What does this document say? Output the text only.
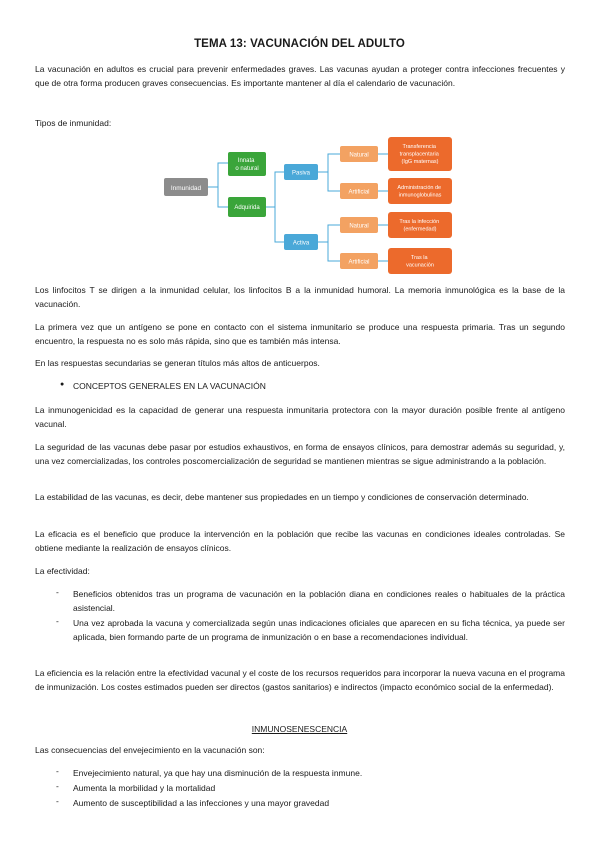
TEMA 13: VACUNACIÓN DEL ADULTO

La vacunación en adultos es crucial para prevenir enfermedades graves. Las vacunas ayudan a proteger contra infecciones frecuentes y que de otra forma producen graves consecuencias. Es importante mantener al día el calendario de vacunación.

Tipos de inmunidad:

Inmunidad
Innata o natural
Adquirida
Pasiva
Activa
Natural
Artificial
Natural
Artificial
Transferencia transplacentaria (IgG maternas)
Administración de inmunoglobulinas
Tras la infección (enfermedad)
Tras la vacunación

Los linfocitos T se dirigen a la inmunidad celular, los linfocitos B a la inmunidad humoral. La memoria inmunológica es la base de la vacunación.

La primera vez que un antígeno se pone en contacto con el sistema inmunitario se produce una respuesta primaria. Tras un segundo encuentro, la respuesta no es solo más rápida, sino que es también más intensa.

En las respuestas secundarias se generan títulos más altos de anticuerpos.

● CONCEPTOS GENERALES EN LA VACUNACIÓN

La inmunogenicidad es la capacidad de generar una respuesta inmunitaria protectora con la mayor duración posible frente al antígeno vacunal.

La seguridad de las vacunas debe pasar por estudios exhaustivos, en forma de ensayos clínicos, para demostrar además su seguridad, y, una vez comercializadas, los controles poscomercialización de seguridad se mantienen mientras se sigue administrando a la población.

La estabilidad de las vacunas, es decir, debe mantener sus propiedades en un tiempo y condiciones de conservación determinado.

La eficacia es el beneficio que produce la intervención en la población que recibe las vacunas en condiciones ideales controladas. Se obtiene mediante la realización de ensayos clínicos.

La efectividad:

- Beneficios obtenidos tras un programa de vacunación en la población diana en condiciones reales o habituales de la práctica asistencial.

- Una vez aprobada la vacuna y comercializada según unas indicaciones oficiales que aparecen en su ficha técnica, ya puede ser aplicada, bien formando parte de un programa de inmunización o en base a recomendaciones individual.

La eficiencia es la relación entre la efectividad vacunal y el coste de los recursos requeridos para incorporar la nueva vacuna en el programa de inmunización. Los costes estimados pueden ser directos (gastos sanitarios) e indirectos (impacto económico social de la enfermedad).

INMUNOSENESCENCIA

Las consecuencias del envejecimiento en la vacunación son:

- Envejecimiento natural, ya que hay una disminución de la respuesta inmune.

- Aumenta la morbilidad y la mortalidad

- Aumento de susceptibilidad a las infecciones y una mayor gravedad
